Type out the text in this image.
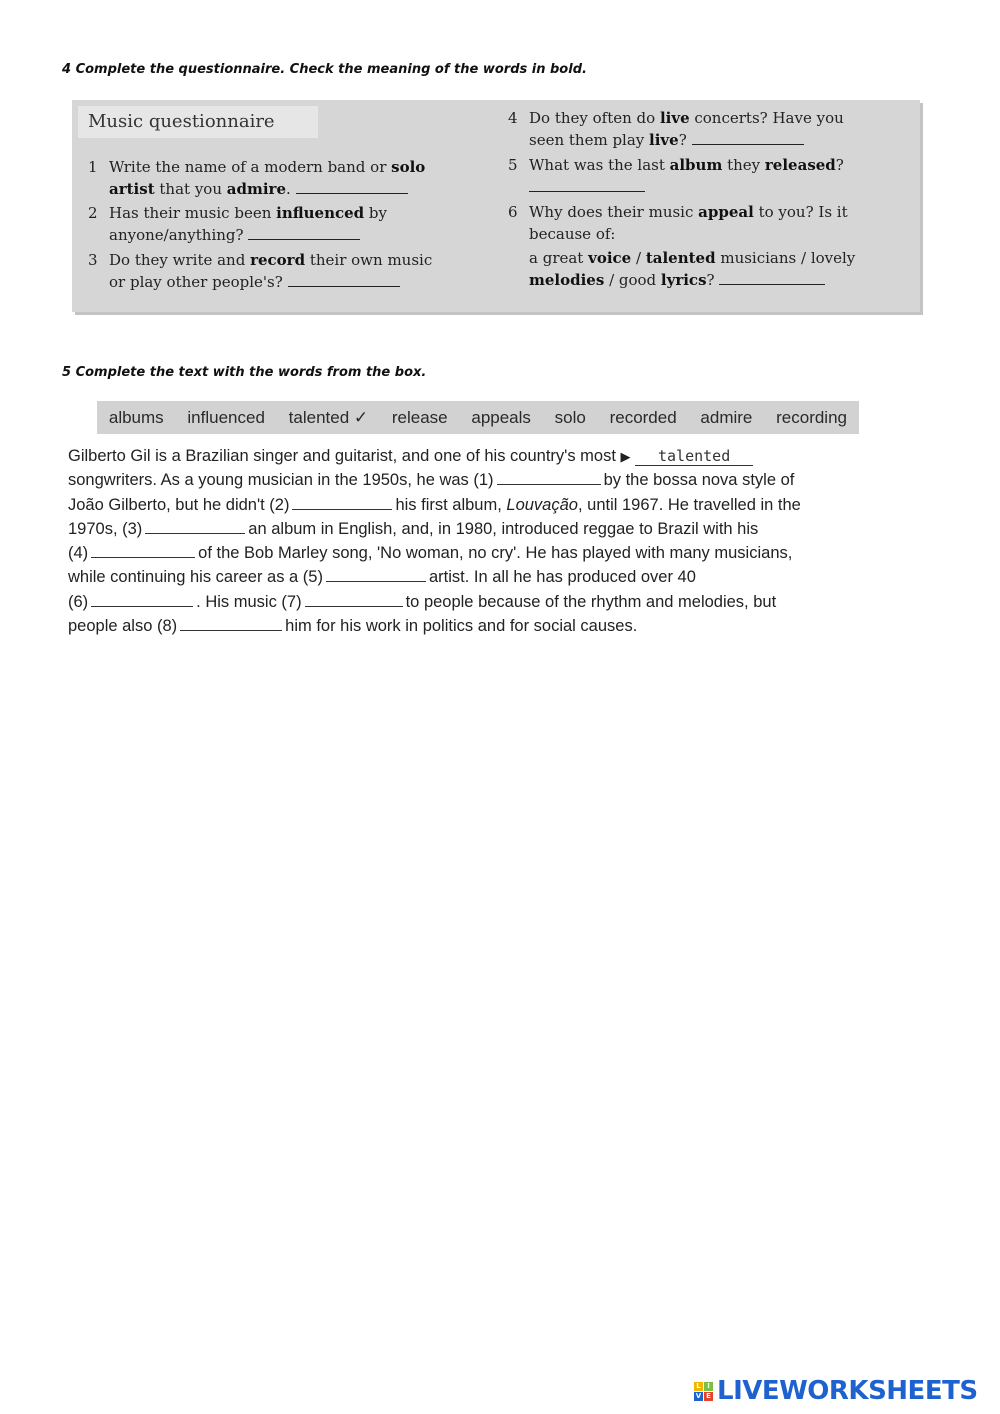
4 Complete the questionnaire. Check the meaning of the words in bold.
Music questionnaire
1 Write the name of a modern band or solo
artist that you admire.
2 Has their music been influenced by
anyone/anything?
3 Do they write and record their own music
or play other people's?
4 Do they often do live concerts? Have you
seen them play live?
5 What was the last album they released?
6 Why does their music appeal to you? Is it
because of:
a great voice / talented musicians / lovely
melodies / good lyrics?
5 Complete the text with the words from the box.
albums influenced talented ✓ release appeals solo recorded admire recording
Gilberto Gil is a Brazilian singer and guitarist, and one of his country's most ▶ talented
songwriters. As a young musician in the 1950s, he was (1)	by the bossa nova style of
João Gilberto, but he didn't (2)	his first album, Louvação, until 1967. He travelled in the
1970s, (3)	an album in English, and, in 1980, introduced reggae to Brazil with his
(4)	of the Bob Marley song, 'No woman, no cry'. He has played with many musicians,
while continuing his career as a (5)	artist. In all he has produced over 40
(6)	. His music (7)	to people because of the rhythm and melodies, but
people also (8)	him for his work in politics and for social causes.
L I
V E LIVEWORKSHEETS
